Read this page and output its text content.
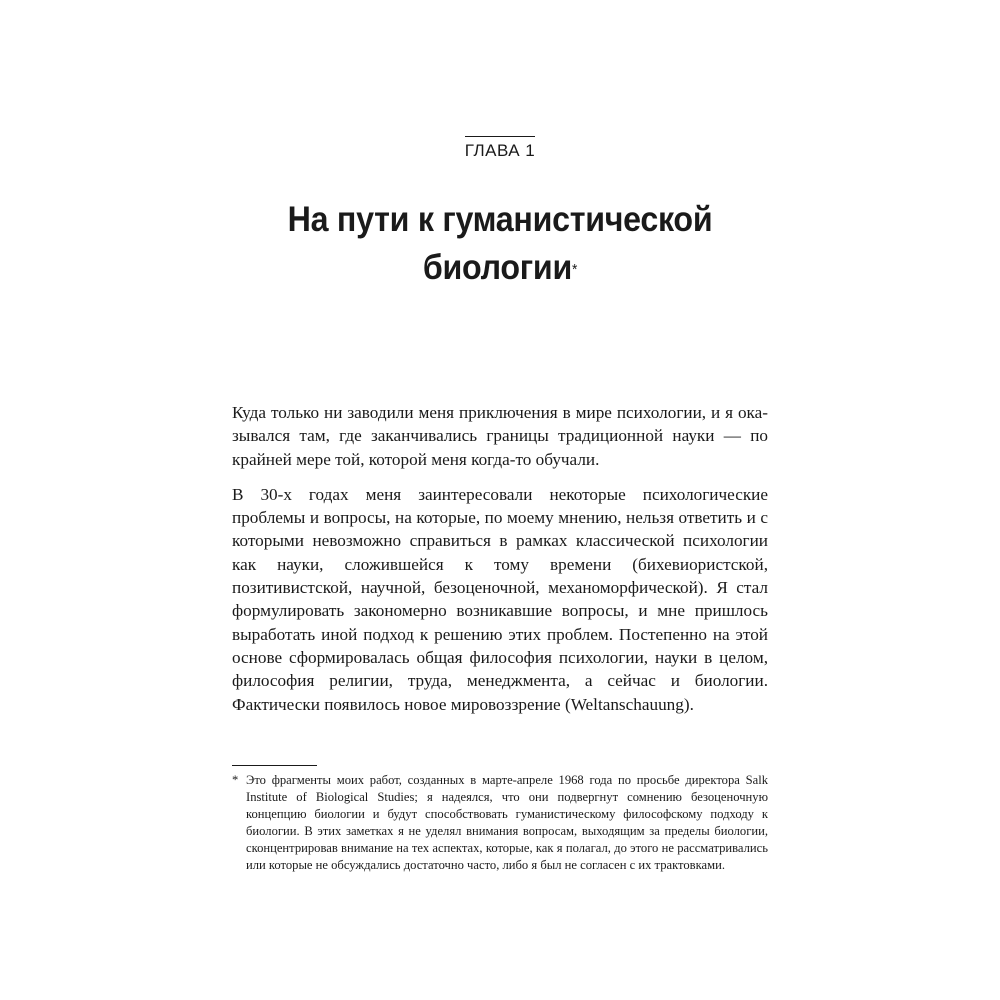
ГЛАВА 1
На пути к гуманистической
биологии*

Куда только ни заводили меня приключения в мире психологии, и я оказывался там, где заканчивались границы традиционной науки — по крайней мере той, которой меня когда-то обучали.

В 30-х годах меня заинтересовали некоторые психологические проблемы и вопросы, на которые, по моему мнению, нельзя ответить и с которыми невозможно справиться в рамках классической психологии как науки, сложившейся к тому времени (бихевиористской, позитивистской, научной, безоценочной, механоморфической). Я стал формулировать закономерно возникавшие вопросы, и мне пришлось выработать иной подход к решению этих проблем. Постепенно на этой основе сформировалась общая философия психологии, науки в целом, философия религии, труда, менеджмента, а сейчас и биологии. Фактически появилось новое мировоззрение (Weltanschauung).

* Это фрагменты моих работ, созданных в марте-апреле 1968 года по просьбе директора Salk Institute of Biological Studies; я надеялся, что они подвергнут сомнению безоценочную концепцию биологии и будут способствовать гуманистическому философскому подходу к биологии. В этих заметках я не уделял внимания вопросам, выходящим за пределы биологии, сконцентрировав внимание на тех аспектах, которые, как я полагал, до этого не рассматривались или которые не обсуждались достаточно часто, либо я был не согласен с их трактовками.
